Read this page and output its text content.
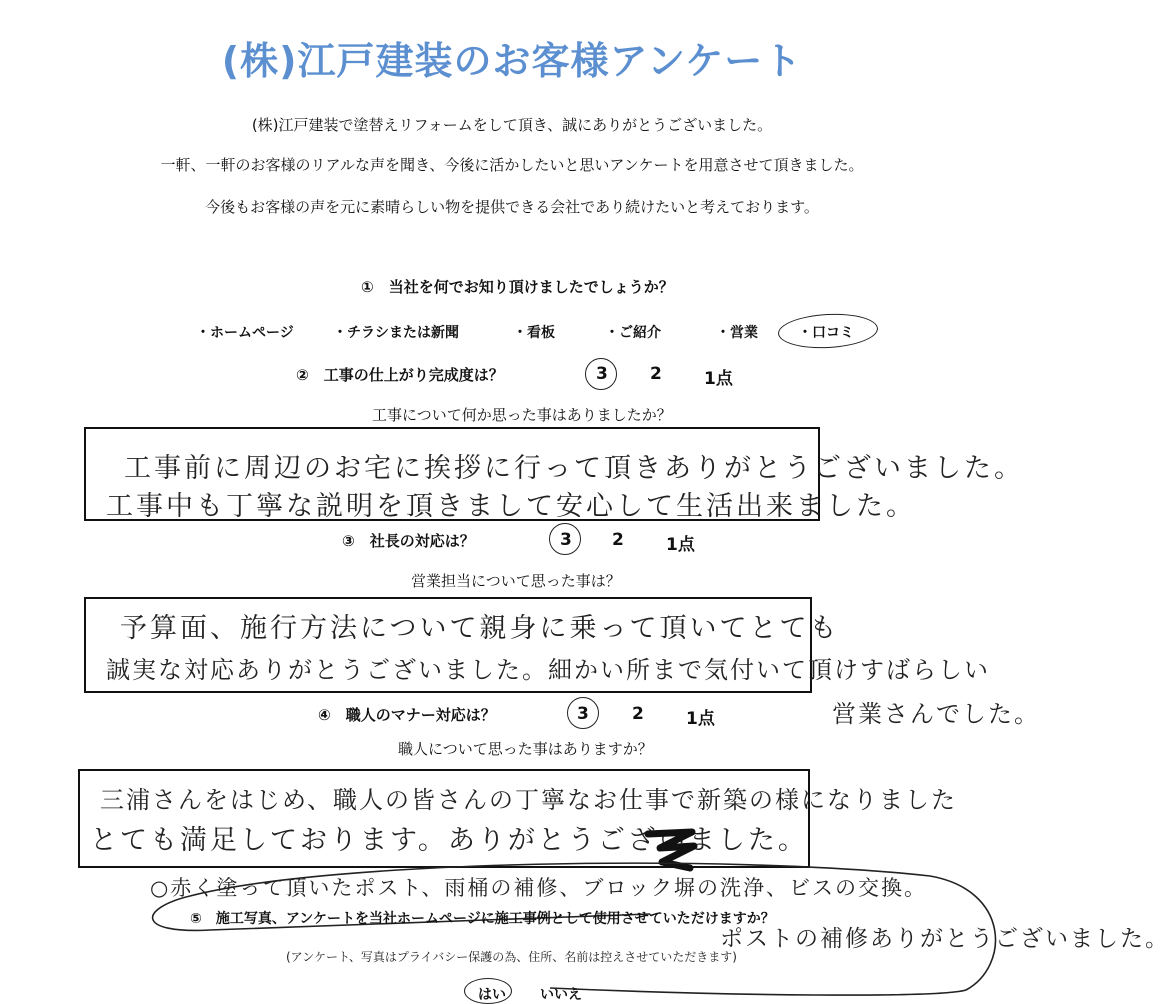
(株)江戸建装のお客様アンケート
(株)江戸建装で塗替えリフォームをして頂き、誠にありがとうございました。
一軒、一軒のお客様のリアルな声を聞き、今後に活かしたいと思いアンケートを用意させて頂きました。
今後もお客様の声を元に素晴らしい物を提供できる会社であり続けたいと考えております。
①　当社を何でお知り頂けましたでしょうか？
・ホームページ	・チラシまたは新聞	・看板	・ご紹介	・営業	・口コミ
②　工事の仕上がり完成度は？	3 2 1点
工事について何か思った事はありましたか？
工事前に周辺のお宅に挨拶に行って頂きありがとうございました。
工事中も丁寧な説明を頂きまして安心して生活出来ました。
③　社長の対応は？	3 2 1点
営業担当について思った事は？
予算面、施行方法について親身に乗って頂いてとても
誠実な対応ありがとうございました。細かい所まで気付いて頂けすばらしい
営業さんでした。
④　職人のマナー対応は？	3	2 1点
職人について思った事はありますか？
三浦さんをはじめ、職人の皆さんの丁寧なお仕事で新築の様になりました
とても満足しております。ありがとうございました。
○赤く塗って頂いたポスト、雨桶の補修、ブロック塀の洗浄、ビスの交換。
ポストの補修ありがとうございました。
⑤　施工写真、アンケートを当社ホームページに施工事例として使用させていただけますか？
(アンケート、写真はプライバシー保護の為、住所、名前は控えさせていただきます)
はい いいえ
